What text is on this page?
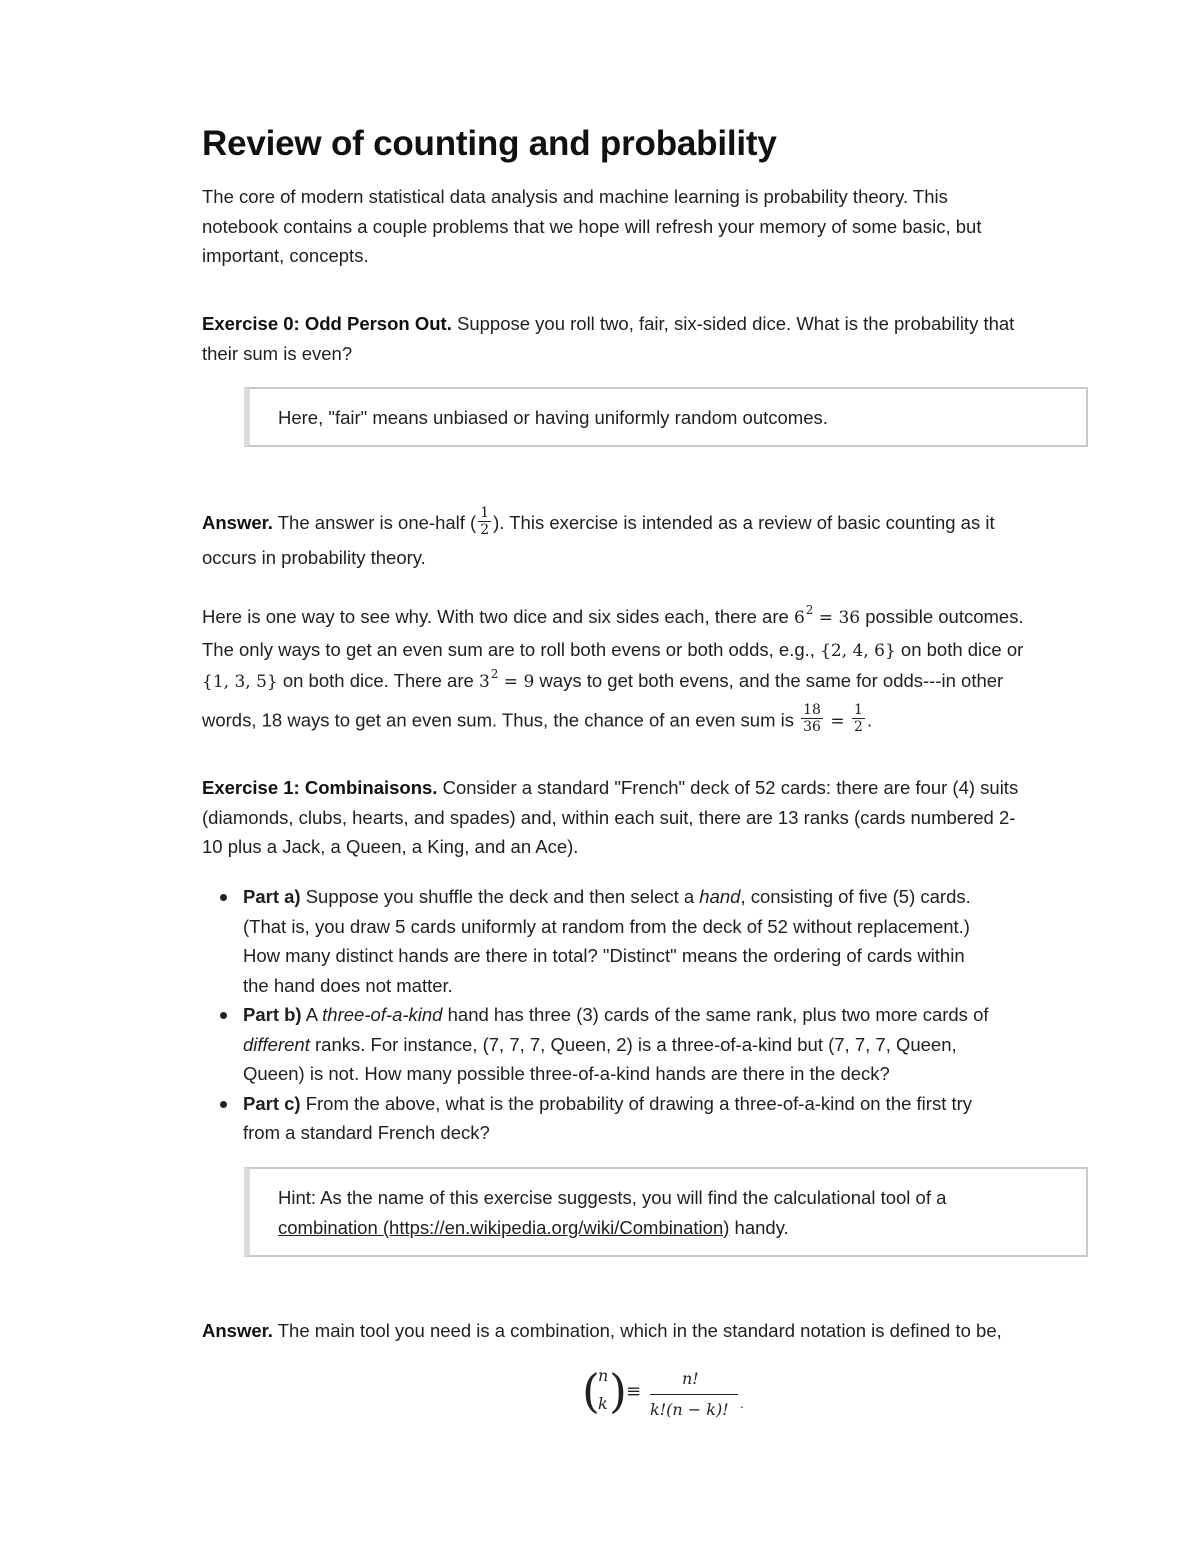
Review of counting and probability

The core of modern statistical data analysis and machine learning is probability theory. This
notebook contains a couple problems that we hope will refresh your memory of some basic, but
important, concepts.

Exercise 0: Odd Person Out. Suppose you roll two, fair, six-sided dice. What is the probability that
their sum is even?

Here, "fair" means unbiased or having uniformly random outcomes.

Answer. The answer is one-half ( $\frac{1}{2}$ ). This exercise is intended as a review of basic counting as it
occurs in probability theory.

Here is one way to see why. With two dice and six sides each, there are $6^2 = 36$ possible outcomes.
The only ways to get an even sum are to roll both evens or both odds, e.g., {2, 4, 6} on both dice or
{1, 3, 5} on both dice. There are $3^2 = 9$ ways to get both evens, and the same for odds---in other
words, 18 ways to get an even sum. Thus, the chance of an even sum is $\frac{18}{36} = \frac{1}{2}$ .

Exercise 1: Combinaisons. Consider a standard "French" deck of 52 cards: there are four (4) suits
(diamonds, clubs, hearts, and spades) and, within each suit, there are 13 ranks (cards numbered 2-
10 plus a Jack, a Queen, a King, and an Ace).

Part a) Suppose you shuffle the deck and then select a hand, consisting of five (5) cards.
(That is, you draw 5 cards uniformly at random from the deck of 52 without replacement.)
How many distinct hands are there in total? "Distinct" means the ordering of cards within
the hand does not matter.
Part b) A three-of-a-kind hand has three (3) cards of the same rank, plus two more cards of
different ranks. For instance, (7, 7, 7, Queen, 2) is a three-of-a-kind but (7, 7, 7, Queen,
Queen) is not. How many possible three-of-a-kind hands are there in the deck?
Part c) From the above, what is the probability of drawing a three-of-a-kind on the first try
from a standard French deck?
Hint: As the name of this exercise suggests, you will find the calculational tool of a
combination (https://en.wikipedia.org/wiki/Combination) handy.

Answer. The main tool you need is a combination, which in the standard notation is defined to be,

(
n
k ) ≡
n!
k!(n − k)! .
